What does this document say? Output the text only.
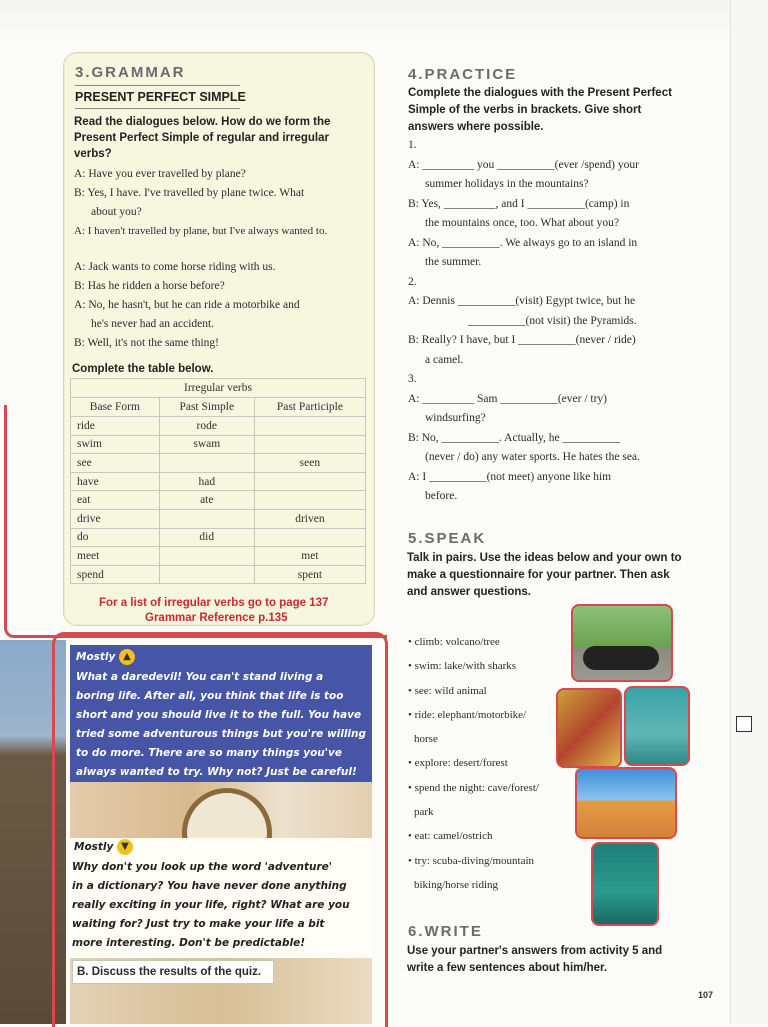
3.GRAMMAR
PRESENT PERFECT SIMPLE
Read the dialogues below. How do we form the
Present Perfect Simple of regular and irregular
verbs?
A: Have you ever travelled by plane?
B: Yes, I have. I've travelled by plane twice. What
about you?
A: I haven't travelled by plane, but I've always wanted to.
A: Jack wants to come horse riding with us.
B: Has he ridden a horse before?
A: No, he hasn't, but he can ride a motorbike and
he's never had an accident.
B: Well, it's not the same thing!
Complete the table below.
Irregular verbs		
Base Form	Past Simple	Past Participle
ride	rode	
swim	swam	
see		seen
have	had	
eat	ate	
drive		driven
do	did	
meet		met
spend		spent
For a list of irregular verbs go to page 137
Grammar Reference p.135
Mostly ▲
What a daredevil! You can't stand living a
boring life. After all, you think that life is too
short and you should live it to the full. You have
tried some adventurous things but you're willing
to do more. There are so many things you've
always wanted to try. Why not? Just be careful!
Mostly ▼
Why don't you look up the word 'adventure'
in a dictionary? You have never done anything
really exciting in your life, right? What are you
waiting for? Just try to make your life a bit
more interesting. Don't be predictable!
B. Discuss the results of the quiz.
4.PRACTICE
Complete the dialogues with the Present Perfect
Simple of the verbs in brackets. Give short
answers where possible.
1.
A: _________ you __________(ever /spend) your
summer holidays in the mountains?
B: Yes, _________, and I __________(camp) in
the mountains once, too. What about you?
A: No, __________. We always go to an island in
the summer.
2.
A: Dennis __________(visit) Egypt twice, but he
__________(not visit) the Pyramids.
B: Really? I have, but I __________(never / ride)
a camel.
3.
A: _________ Sam __________(ever / try)
windsurfing?
B: No, __________. Actually, he __________
(never / do) any water sports. He hates the sea.
A: I __________(not meet) anyone like him
before.
5.SPEAK
Talk in pairs. Use the ideas below and your own to
make a questionnaire for your partner. Then ask
and answer questions.
• climb: volcano/tree
• swim: lake/with sharks
• see: wild animal
• ride: elephant/motorbike/
horse
• explore: desert/forest
• spend the night: cave/forest/
park
• eat: camel/ostrich
• try: scuba-diving/mountain
biking/horse riding
6.WRITE
Use your partner's answers from activity 5 and
write a few sentences about him/her.
107
